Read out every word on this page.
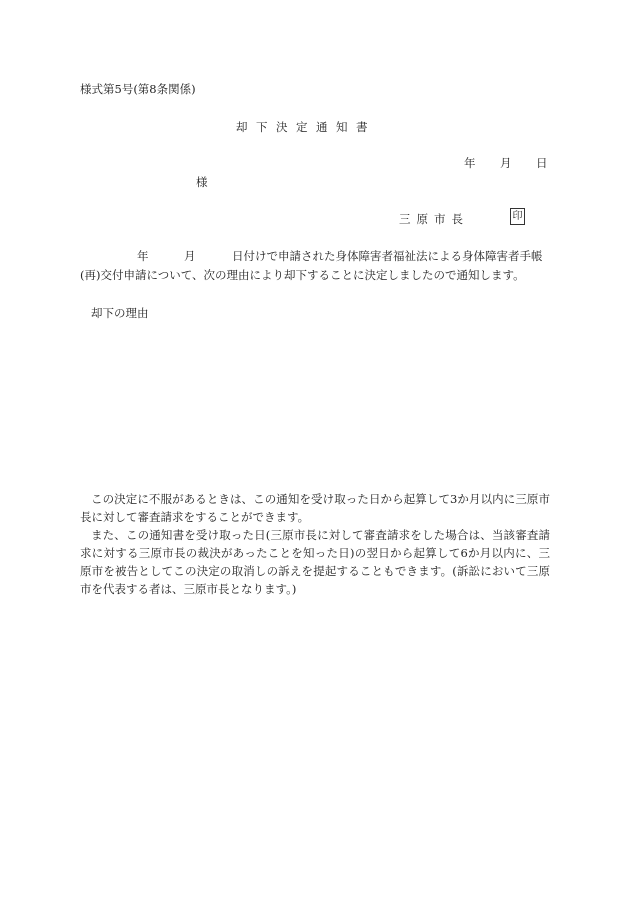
様式第5号(第8条関係)
却下決定通知書
年 月 日
様
三原市長	印
年	月	日付けで申請された身体障害者福祉法による身体障害者手帳
(再)交付申請について、次の理由により却下することに決定しましたので通知します。
却下の理由
この決定に不服があるときは、この通知を受け取った日から起算して3か月以内に三原市長に対して審査請求をすることができます。
また、この通知書を受け取った日(三原市長に対して審査請求をした場合は、当該審査請求に対する三原市長の裁決があったことを知った日)の翌日から起算して6か月以内に、三原市を被告としてこの決定の取消しの訴えを提起することもできます。(訴訟において三原市を代表する者は、三原市長となります。)
